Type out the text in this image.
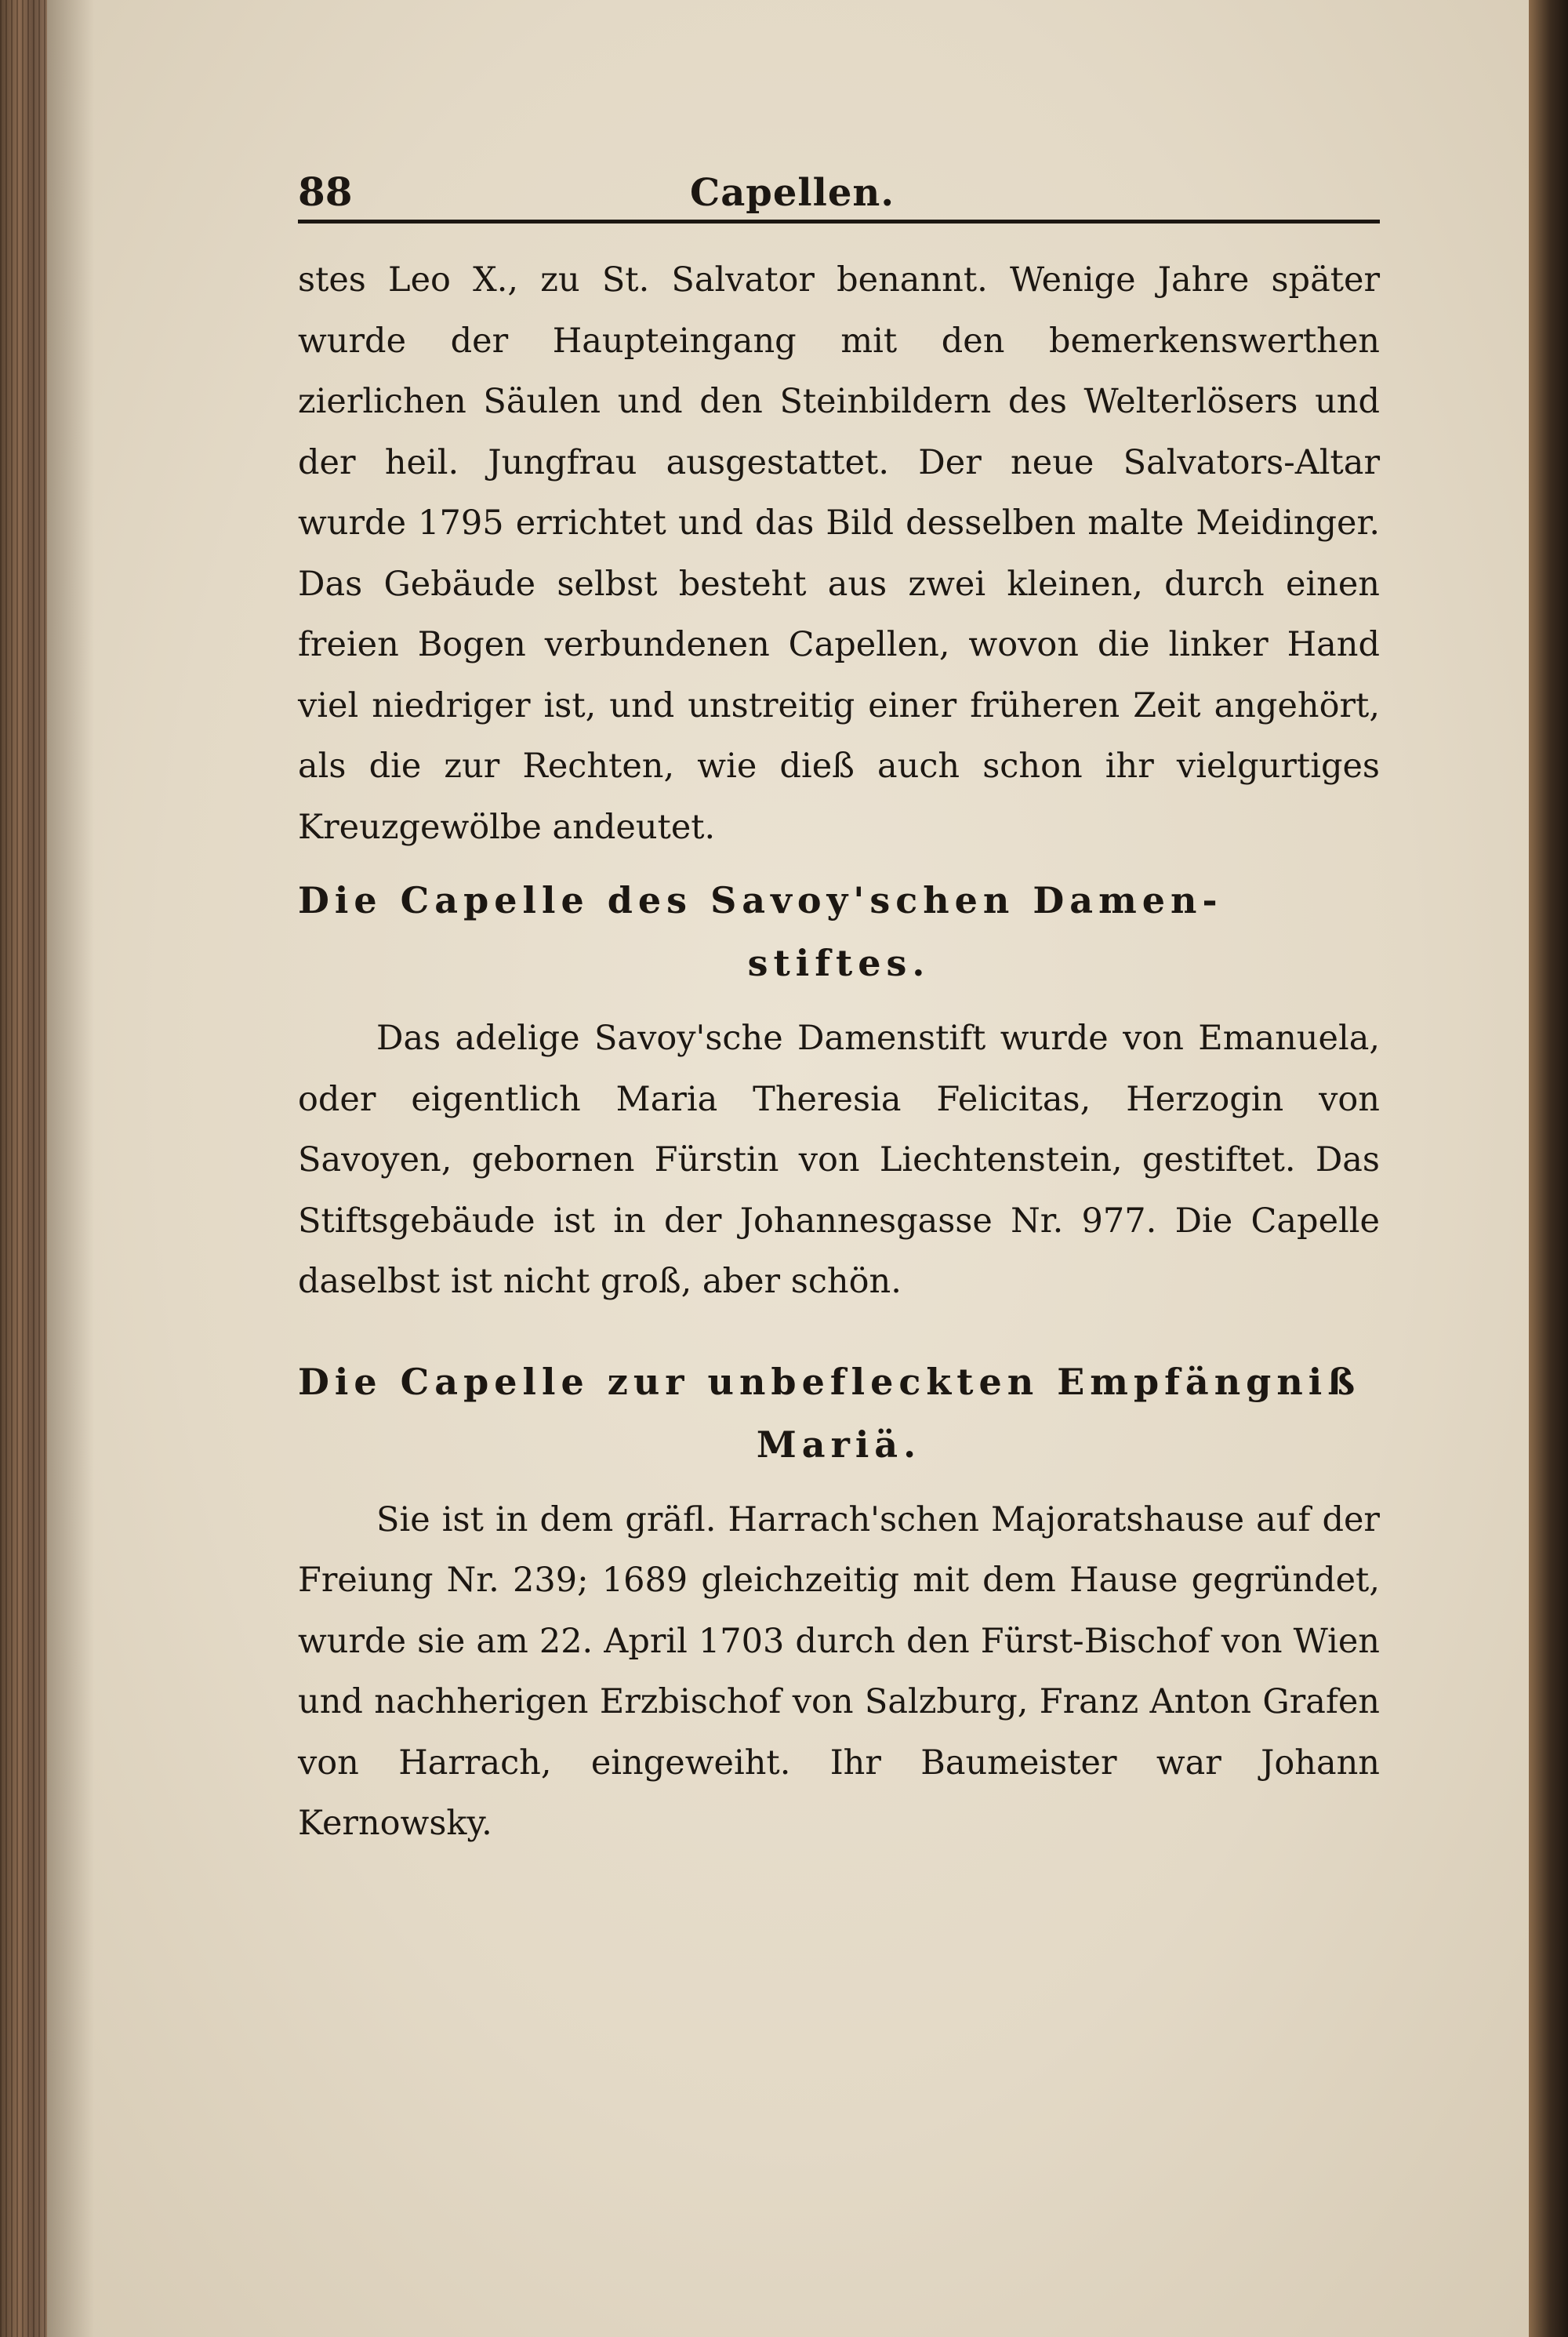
88	Capellen.

stes Leo X., zu St. Salvator benannt. Wenige Jahre später wurde der Haupteingang mit den bemerkenswerthen zierlichen Säulen und den Steinbildern des Welterlösers und der heil. Jungfrau ausgestattet. Der neue Salvators-Altar wurde 1795 errichtet und das Bild desselben malte Meidinger. Das Gebäude selbst besteht aus zwei kleinen, durch einen freien Bogen verbundenen Capellen, wovon die linker Hand viel niedriger ist, und unstreitig einer früheren Zeit angehört, als die zur Rechten, wie dieß auch schon ihr vielgurtiges Kreuzgewölbe andeutet.

Die Capelle des Savoy'schen Damen-
stiftes.

Das adelige Savoy'sche Damenstift wurde von Emanuela, oder eigentlich Maria Theresia Felicitas, Herzogin von Savoyen, gebornen Fürstin von Liechtenstein, gestiftet. Das Stiftsgebäude ist in der Johannesgasse Nr. 977. Die Capelle daselbst ist nicht groß, aber schön.

Die Capelle zur unbefleckten Empfängniß
Mariä.

Sie ist in dem gräfl. Harrach'schen Majoratshause auf der Freiung Nr. 239; 1689 gleichzeitig mit dem Hause gegründet, wurde sie am 22. April 1703 durch den Fürst-Bischof von Wien und nachherigen Erzbischof von Salzburg, Franz Anton Grafen von Harrach, eingeweiht. Ihr Baumeister war Johann Kernowsky.
